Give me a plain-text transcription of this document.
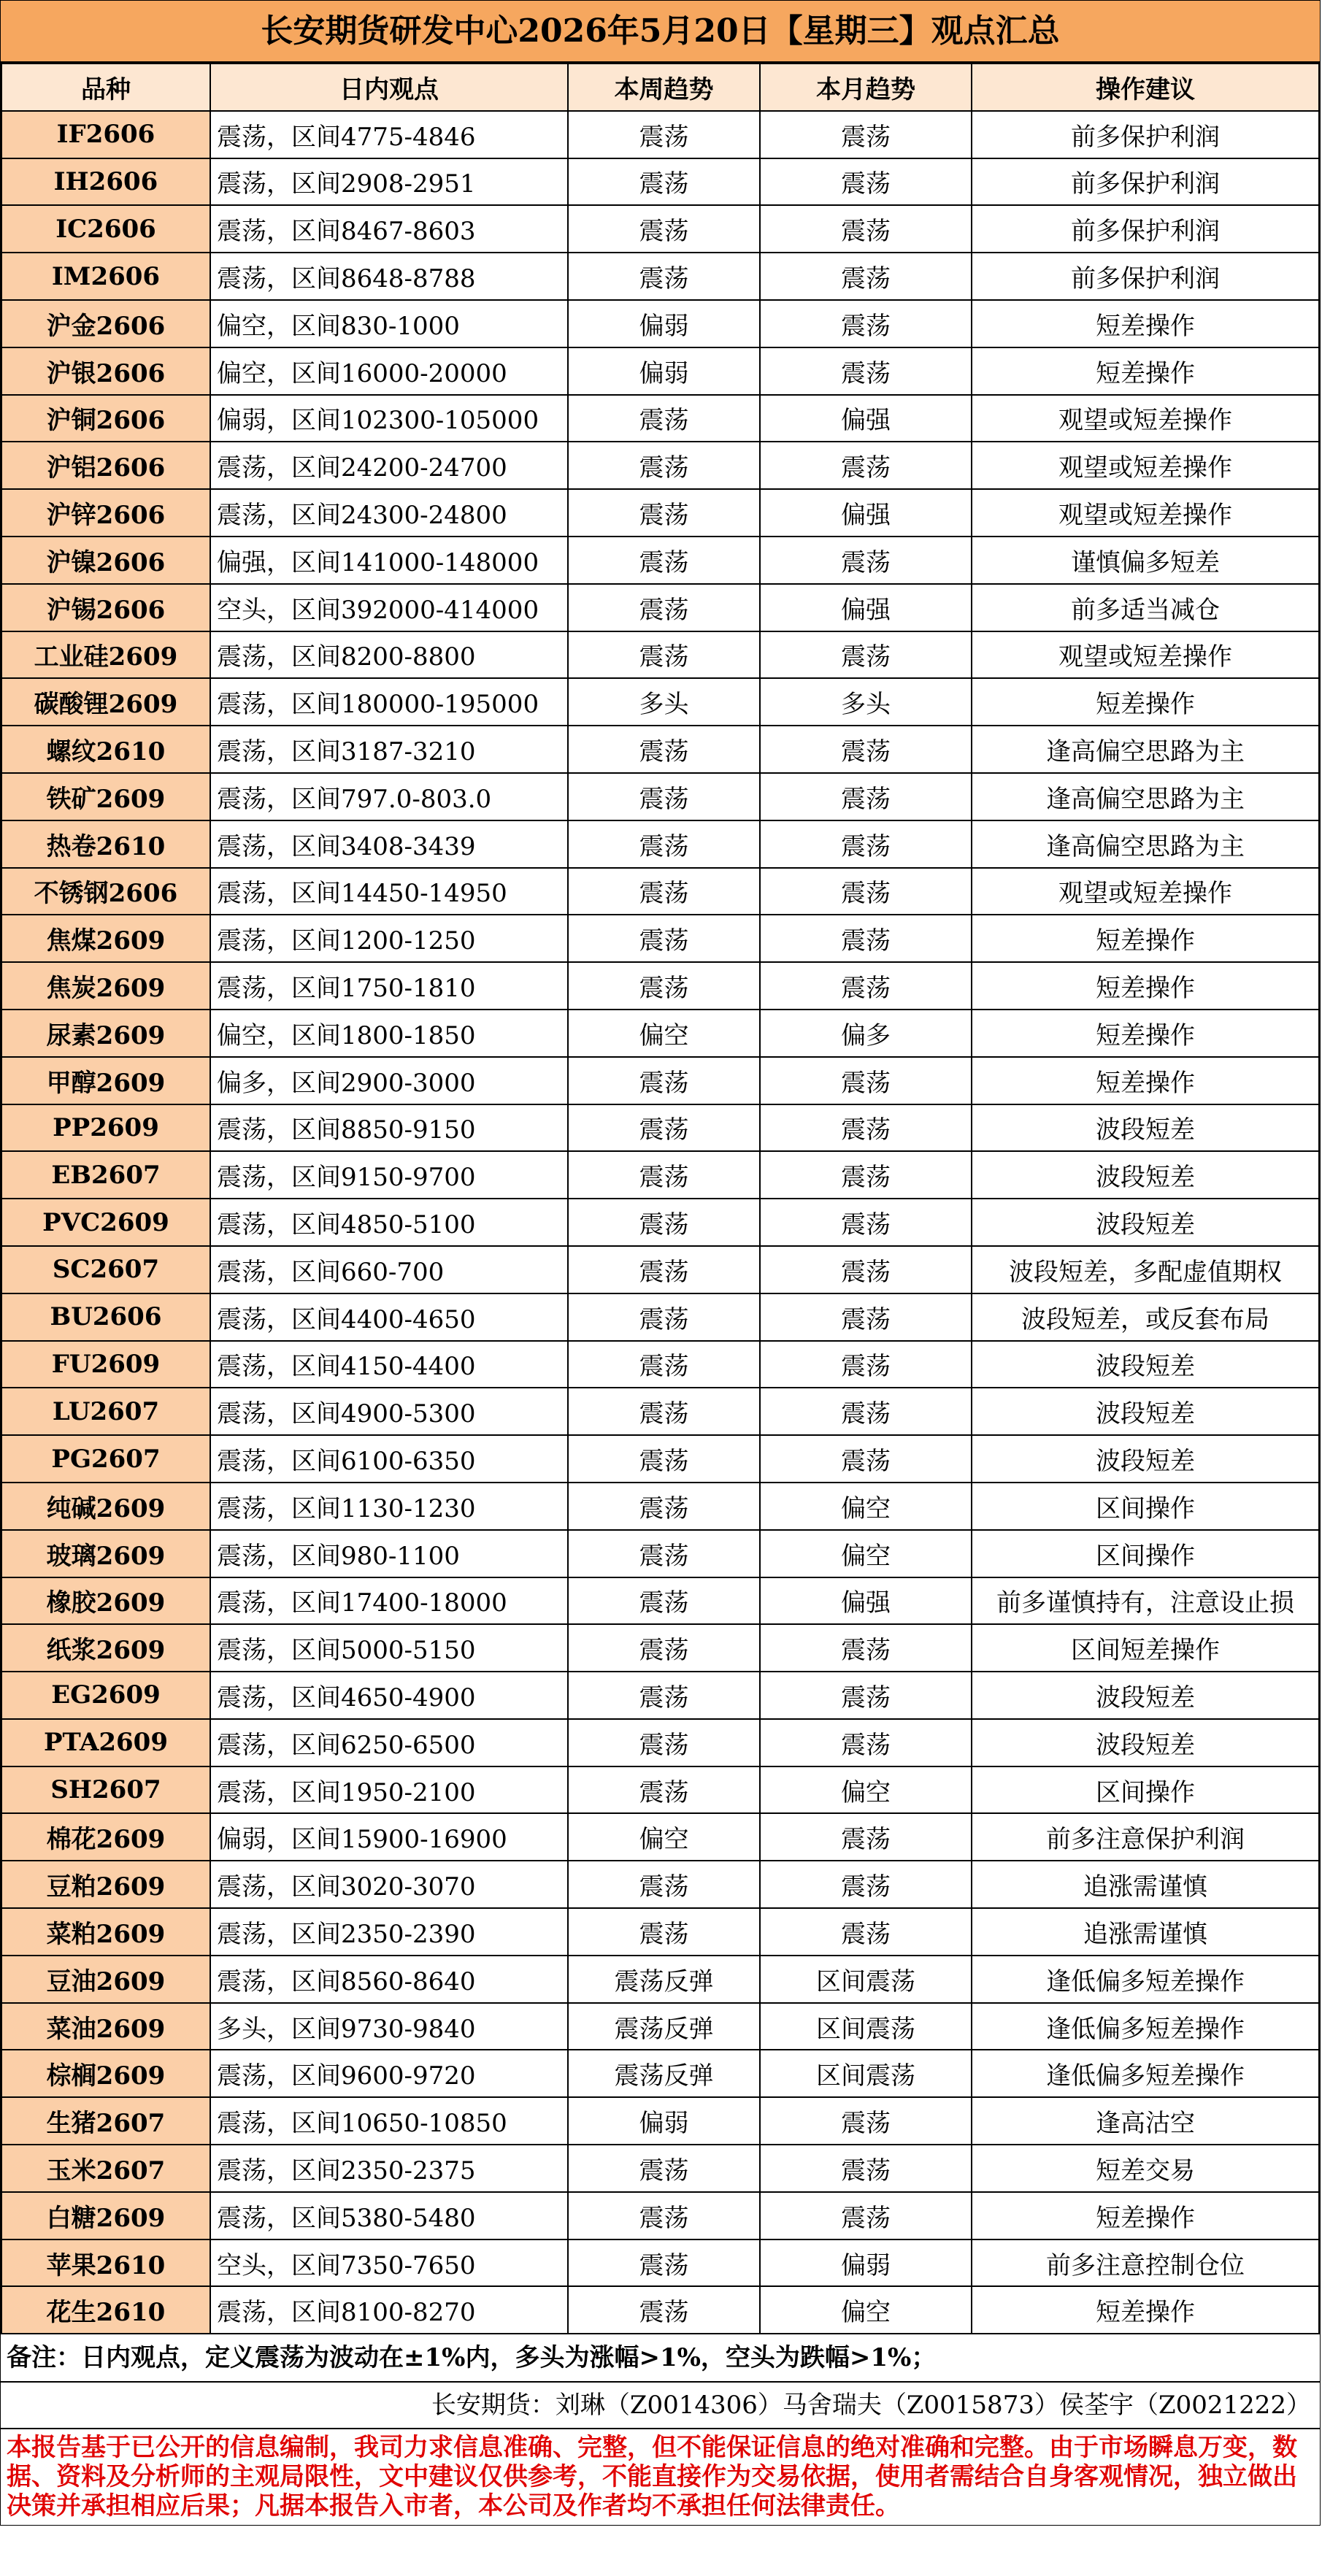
长安期货研发中心2026年5月20日【星期三】观点汇总
品种	日内观点	本周趋势	本月趋势	操作建议
IF2606	震荡，区间4775-4846	震荡	震荡	前多保护利润
IH2606	震荡，区间2908-2951	震荡	震荡	前多保护利润
IC2606	震荡，区间8467-8603	震荡	震荡	前多保护利润
IM2606	震荡，区间8648-8788	震荡	震荡	前多保护利润
沪金2606	偏空，区间830-1000	偏弱	震荡	短差操作
沪银2606	偏空，区间16000-20000	偏弱	震荡	短差操作
沪铜2606	偏弱，区间102300-105000	震荡	偏强	观望或短差操作
沪铝2606	震荡，区间24200-24700	震荡	震荡	观望或短差操作
沪锌2606	震荡，区间24300-24800	震荡	偏强	观望或短差操作
沪镍2606	偏强，区间141000-148000	震荡	震荡	谨慎偏多短差
沪锡2606	空头，区间392000-414000	震荡	偏强	前多适当减仓
工业硅2609	震荡，区间8200-8800	震荡	震荡	观望或短差操作
碳酸锂2609	震荡，区间180000-195000	多头	多头	短差操作
螺纹2610	震荡，区间3187-3210	震荡	震荡	逢高偏空思路为主
铁矿2609	震荡，区间797.0-803.0	震荡	震荡	逢高偏空思路为主
热卷2610	震荡，区间3408-3439	震荡	震荡	逢高偏空思路为主
不锈钢2606	震荡，区间14450-14950	震荡	震荡	观望或短差操作
焦煤2609	震荡，区间1200-1250	震荡	震荡	短差操作
焦炭2609	震荡，区间1750-1810	震荡	震荡	短差操作
尿素2609	偏空，区间1800-1850	偏空	偏多	短差操作
甲醇2609	偏多，区间2900-3000	震荡	震荡	短差操作
PP2609	震荡，区间8850-9150	震荡	震荡	波段短差
EB2607	震荡，区间9150-9700	震荡	震荡	波段短差
PVC2609	震荡，区间4850-5100	震荡	震荡	波段短差
SC2607	震荡，区间660-700	震荡	震荡	波段短差，多配虚值期权
BU2606	震荡，区间4400-4650	震荡	震荡	波段短差，或反套布局
FU2609	震荡，区间4150-4400	震荡	震荡	波段短差
LU2607	震荡，区间4900-5300	震荡	震荡	波段短差
PG2607	震荡，区间6100-6350	震荡	震荡	波段短差
纯碱2609	震荡，区间1130-1230	震荡	偏空	区间操作
玻璃2609	震荡，区间980-1100	震荡	偏空	区间操作
橡胶2609	震荡，区间17400-18000	震荡	偏强	前多谨慎持有，注意设止损
纸浆2609	震荡，区间5000-5150	震荡	震荡	区间短差操作
EG2609	震荡，区间4650-4900	震荡	震荡	波段短差
PTA2609	震荡，区间6250-6500	震荡	震荡	波段短差
SH2607	震荡，区间1950-2100	震荡	偏空	区间操作
棉花2609	偏弱，区间15900-16900	偏空	震荡	前多注意保护利润
豆粕2609	震荡，区间3020-3070	震荡	震荡	追涨需谨慎
菜粕2609	震荡，区间2350-2390	震荡	震荡	追涨需谨慎
豆油2609	震荡，区间8560-8640	震荡反弹	区间震荡	逢低偏多短差操作
菜油2609	多头，区间9730-9840	震荡反弹	区间震荡	逢低偏多短差操作
棕榈2609	震荡，区间9600-9720	震荡反弹	区间震荡	逢低偏多短差操作
生猪2607	震荡，区间10650-10850	偏弱	震荡	逢高沽空
玉米2607	震荡，区间2350-2375	震荡	震荡	短差交易
白糖2609	震荡，区间5380-5480	震荡	震荡	短差操作
苹果2610	空头，区间7350-7650	震荡	偏弱	前多注意控制仓位
花生2610	震荡，区间8100-8270	震荡	偏空	短差操作
备注：日内观点，定义震荡为波动在±1%内，多头为涨幅>1%，空头为跌幅>1%；
长安期货：刘琳（Z0014306）马舍瑞夫（Z0015873）侯荃宇（Z0021222）
本报告基于已公开的信息编制，我司力求信息准确、完整，但不能保证信息的绝对准确和完整。由于市场瞬息万变，数据、资料及分析师的主观局限性，文中建议仅供参考，不能直接作为交易依据，使用者需结合自身客观情况，独立做出决策并承担相应后果；凡据本报告入市者，本公司及作者均不承担任何法律责任。
